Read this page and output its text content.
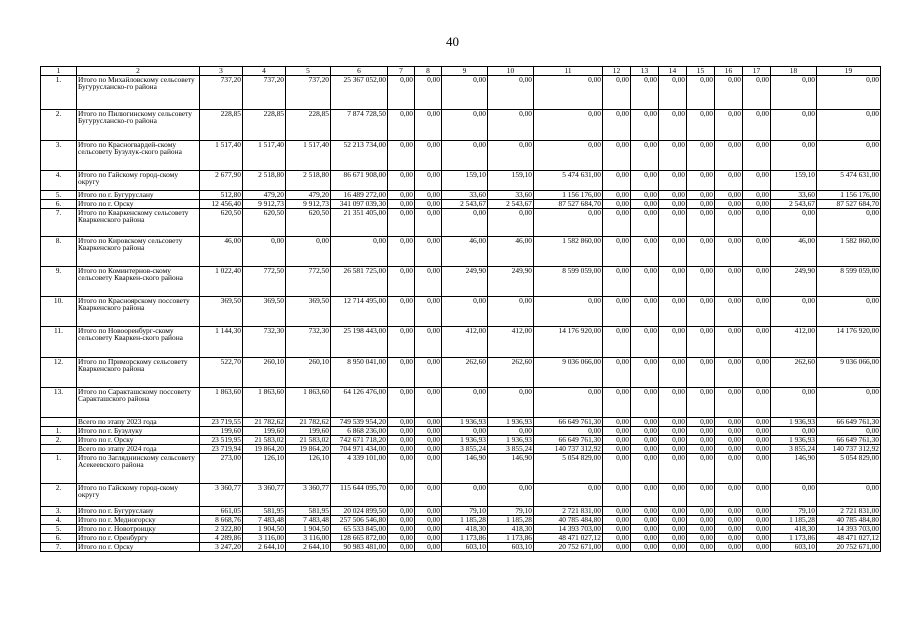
40
1	2	3	4	5	6	7	8	9	10	11	12	13	14	15	16	17	18	19
1.	Итого по Михайловскому сельсовету Бугурусланско-го района	737,20	737,20	737,20	25 367 052,00	0,00	0,00	0,00	0,00	0,00	0,00	0,00	0,00	0,00	0,00	0,00	0,00	0,00
2.	Итого по Пилюгинскому сельсовету Бугурусланско-го района	228,85	228,85	228,85	7 874 728,50	0,00	0,00	0,00	0,00	0,00	0,00	0,00	0,00	0,00	0,00	0,00	0,00	0,00
3.	Итого по Красногвардей-скому сельсовету Бузулук-ского района	1 517,40	1 517,40	1 517,40	52 213 734,00	0,00	0,00	0,00	0,00	0,00	0,00	0,00	0,00	0,00	0,00	0,00	0,00	0,00
4.	Итого по Гайскому город-скому округу	2 677,90	2 518,80	2 518,80	86 671 908,00	0,00	0,00	159,10	159,10	5 474 631,00	0,00	0,00	0,00	0,00	0,00	0,00	159,10	5 474 631,00
5.	Итого по г. Бугуруслану	512,80	479,20	479,20	16 489 272,00	0,00	0,00	33,60	33,60	1 156 176,00	0,00	0,00	0,00	0,00	0,00	0,00	33,60	1 156 176,00
6.	Итого по г. Орску	12 456,40	9 912,73	9 912,73	341 097 039,30	0,00	0,00	2 543,67	2 543,67	87 527 684,70	0,00	0,00	0,00	0,00	0,00	0,00	2 543,67	87 527 684,70
7.	Итого по Кваркенскому сельсовету Кваркенского района	620,50	620,50	620,50	21 351 405,00	0,00	0,00	0,00	0,00	0,00	0,00	0,00	0,00	0,00	0,00	0,00	0,00	0,00
8.	Итого по Кировскому сельсовету Кваркенского района	46,00	0,00	0,00	0,00	0,00	0,00	46,00	46,00	1 582 860,00	0,00	0,00	0,00	0,00	0,00	0,00	46,00	1 582 860,00
9.	Итого по Коминтернов-скому сельсовету Кваркен-ского района	1 022,40	772,50	772,50	26 581 725,00	0,00	0,00	249,90	249,90	8 599 059,00	0,00	0,00	0,00	0,00	0,00	0,00	249,90	8 599 059,00
10.	Итого по Красноярскому поссовету Кваркенского района	369,50	369,50	369,50	12 714 495,00	0,00	0,00	0,00	0,00	0,00	0,00	0,00	0,00	0,00	0,00	0,00	0,00	0,00
11.	Итого по Новооренбург-скому сельсовету Кваркен-ского района	1 144,30	732,30	732,30	25 198 443,00	0,00	0,00	412,00	412,00	14 176 920,00	0,00	0,00	0,00	0,00	0,00	0,00	412,00	14 176 920,00
12.	Итого по Приморскому сельсовету Кваркенского района	522,70	260,10	260,10	8 950 041,00	0,00	0,00	262,60	262,60	9 036 066,00	0,00	0,00	0,00	0,00	0,00	0,00	262,60	9 036 066,00
13.	Итого по Саракташскому поссовету Саракташского района	1 863,60	1 863,60	1 863,60	64 126 476,00	0,00	0,00	0,00	0,00	0,00	0,00	0,00	0,00	0,00	0,00	0,00	0,00	0,00
	Всего по этапу 2023 года	23 719,55	21 782,62	21 782,62	749 539 954,20	0,00	0,00	1 936,93	1 936,93	66 649 761,30	0,00	0,00	0,00	0,00	0,00	0,00	1 936,93	66 649 761,30
1.	Итого по г. Бузулуку	199,60	199,60	199,60	6 868 236,00	0,00	0,00	0,00	0,00	0,00	0,00	0,00	0,00	0,00	0,00	0,00	0,00	0,00
2.	Итого по г. Орску	23 519,95	21 583,02	21 583,02	742 671 718,20	0,00	0,00	1 936,93	1 936,93	66 649 761,30	0,00	0,00	0,00	0,00	0,00	0,00	1 936,93	66 649 761,30
	Всего по этапу 2024 года	23 719,94	19 864,20	19 864,20	704 971 434,00	0,00	0,00	3 855,24	3 855,24	140 737 312,92	0,00	0,00	0,00	0,00	0,00	0,00	3 855,24	140 737 312,92
1.	Итого по Загляднинскому сельсовету Асекеевского района	273,00	126,10	126,10	4 339 101,00	0,00	0,00	146,90	146,90	5 054 829,00	0,00	0,00	0,00	0,00	0,00	0,00	146,90	5 054 829,00
2.	Итого по Гайскому город-скому округу	3 360,77	3 360,77	3 360,77	115 644 095,70	0,00	0,00	0,00	0,00	0,00	0,00	0,00	0,00	0,00	0,00	0,00	0,00	0,00
3.	Итого по г. Бугуруслану	661,05	581,95	581,95	20 024 899,50	0,00	0,00	79,10	79,10	2 721 831,00	0,00	0,00	0,00	0,00	0,00	0,00	79,10	2 721 831,00
4.	Итого по г. Медногорску	8 668,76	7 483,48	7 483,48	257 506 546,80	0,00	0,00	1 185,28	1 185,28	40 785 484,80	0,00	0,00	0,00	0,00	0,00	0,00	1 185,28	40 785 484,80
5.	Итого по г. Новотроицку	2 322,80	1 904,50	1 904,50	65 533 845,00	0,00	0,00	418,30	418,30	14 393 703,00	0,00	0,00	0,00	0,00	0,00	0,00	418,30	14 393 703,00
6.	Итого по г. Оренбургу	4 289,86	3 116,00	3 116,00	128 665 872,00	0,00	0,00	1 173,86	1 173,86	48 471 027,12	0,00	0,00	0,00	0,00	0,00	0,00	1 173,86	48 471 027,12
7.	Итого по г. Орску	3 247,20	2 644,10	2 644,10	90 983 481,00	0,00	0,00	603,10	603,10	20 752 671,00	0,00	0,00	0,00	0,00	0,00	0,00	603,10	20 752 671,00
